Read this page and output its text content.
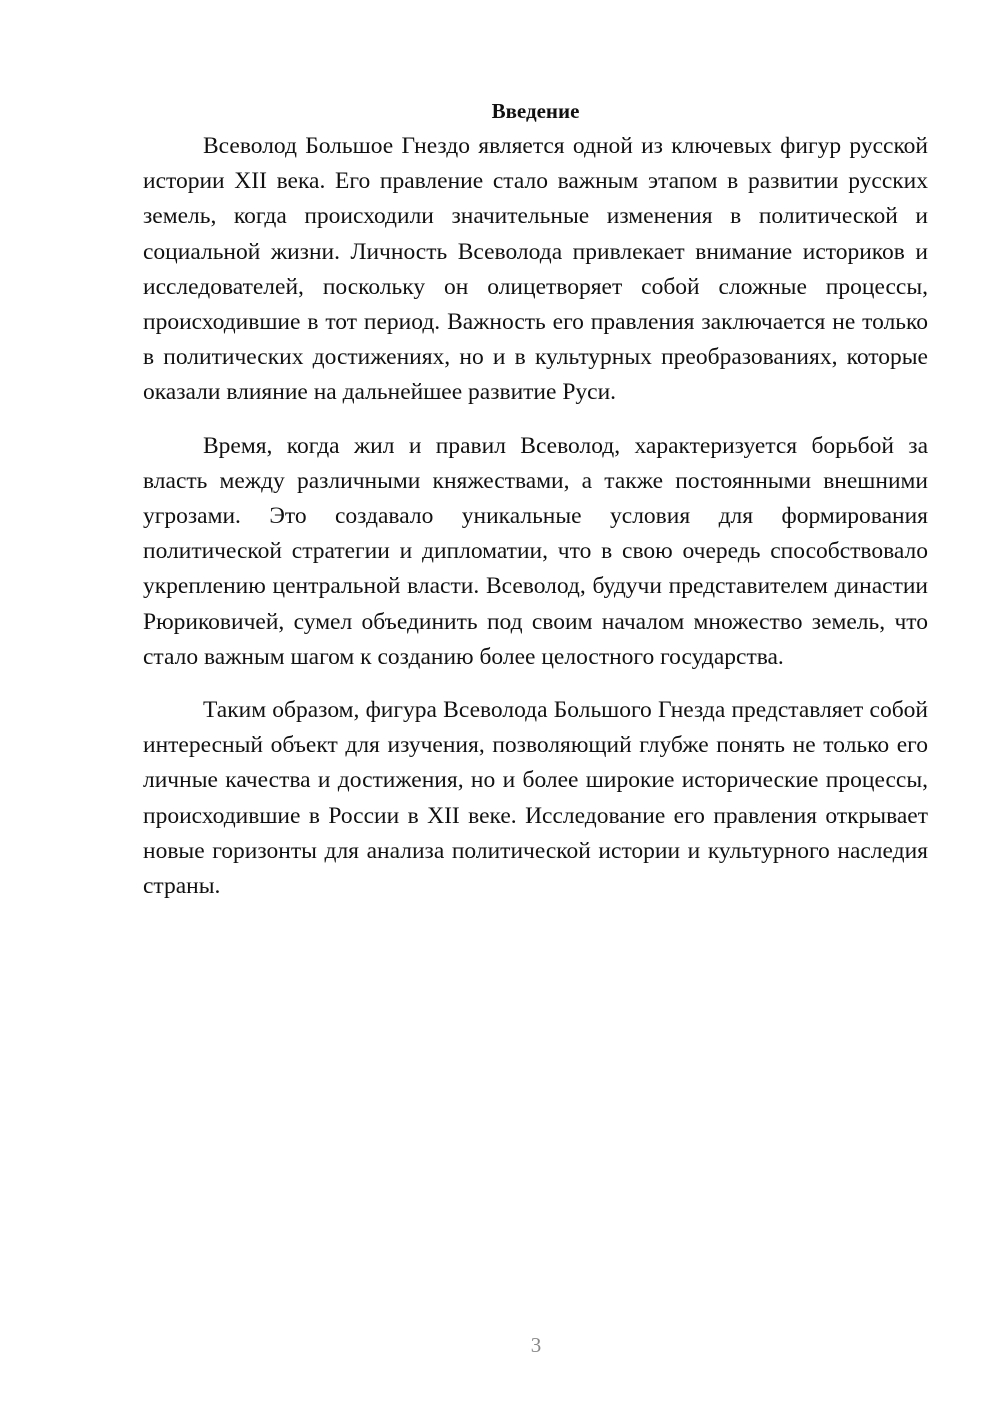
Введение

Всеволод Большое Гнездо является одной из ключевых фигур русской истории XII века. Его правление стало важным этапом в развитии русских земель, когда происходили значительные изменения в политической и социальной жизни. Личность Всеволода привлекает внимание историков и исследователей, поскольку он олицетворяет собой сложные процессы, происходившие в тот период. Важность его правления заключается не только в политических достижениях, но и в культурных преобразованиях, которые оказали влияние на дальнейшее развитие Руси.

Время, когда жил и правил Всеволод, характеризуется борьбой за власть между различными княжествами, а также постоянными внешними угрозами. Это создавало уникальные условия для формирования политической стратегии и дипломатии, что в свою очередь способствовало укреплению центральной власти. Всеволод, будучи представителем династии Рюриковичей, сумел объединить под своим началом множество земель, что стало важным шагом к созданию более целостного государства.

Таким образом, фигура Всеволода Большого Гнезда представляет собой интересный объект для изучения, позволяющий глубже понять не только его личные качества и достижения, но и более широкие исторические процессы, происходившие в России в XII веке. Исследование его правления открывает новые горизонты для анализа политической истории и культурного наследия страны.

3
